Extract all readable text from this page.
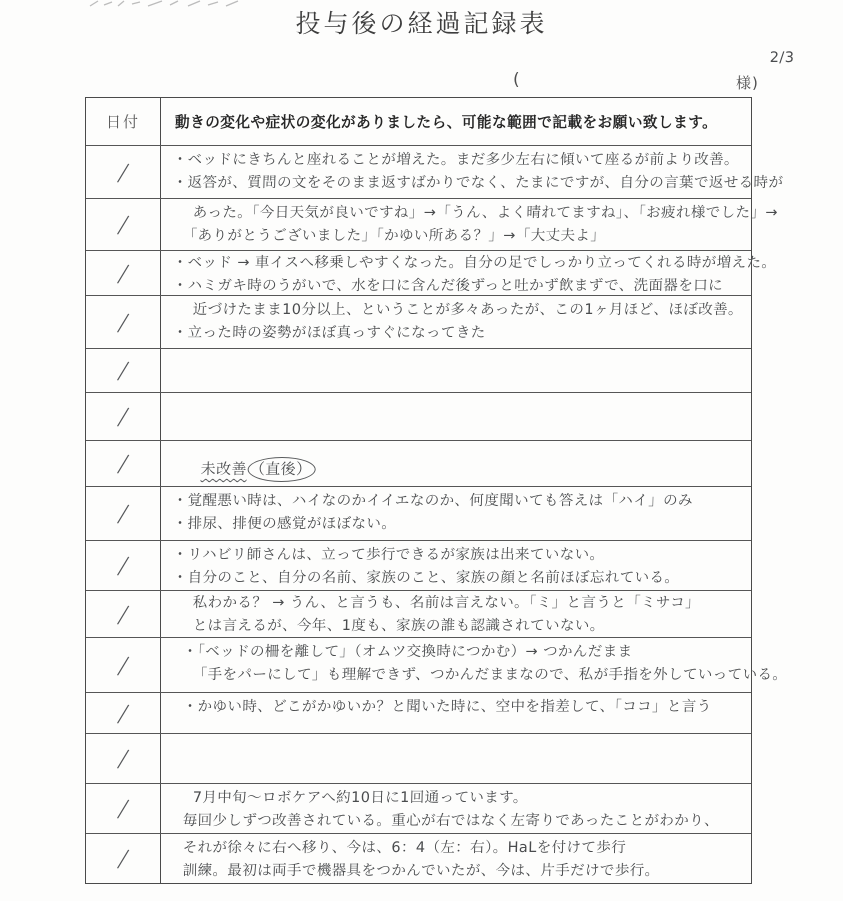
投与後の経過記録表
(	様)
2/3
日付	動きの変化や症状の変化がありましたら、可能な範囲で記載をお願い致します。
/	・ベッドにきちんと座れることが増えた。まだ多少左右に傾いて座るが前より改善。
・返答が、質問の文をそのまま返すばかりでなく、たまにですが、自分の言葉で返せる時が
/	あった。「今日天気が良いですね」→「うん、よく晴れてますね」、「お疲れ様でした」→
「ありがとうございました」「かゆい所ある？」→「大丈夫よ」
/	・ベッド → 車イスへ移乗しやすくなった。自分の足でしっかり立ってくれる時が増えた。
・ハミガキ時のうがいで、水を口に含んだ後ずっと吐かず飲まずで、洗面器を口に
/	近づけたまま10分以上、ということが多々あったが、この1ヶ月ほど、ほぼ改善。
・立った時の姿勢がほぼ真っすぐになってきた
/
/
/	未改善 （直後）
/	・覚醒悪い時は、ハイなのかイイエなのか、何度聞いても答えは「ハイ」のみ
・排尿、排便の感覚がほぼない。
/	・リハビリ師さんは、立って歩行できるが家族は出来ていない。
・自分のこと、自分の名前、家族のこと、家族の顔と名前ほぼ忘れている。
/	私わかる？ → うん、と言うも、名前は言えない。「ミ」と言うと「ミサコ」
とは言えるが、今年、1度も、家族の誰も認識されていない。
/	・「ベッドの柵を離して」（オムツ交換時につかむ）→ つかんだまま
「手をパーにして」も理解できず、つかんだままなので、私が手指を外していっている。
/	・かゆい時、どこがかゆいか？と聞いた時に、空中を指差して、「ココ」と言う
/
/	7月中旬〜ロボケアへ約10日に1回通っています。
毎回少しずつ改善されている。重心が右ではなく左寄りであったことがわかり、
/	それが徐々に右へ移り、今は、6：4（左：右）。HaLを付けて歩行
訓練。最初は両手で機器具をつかんでいたが、今は、片手だけで歩行。
